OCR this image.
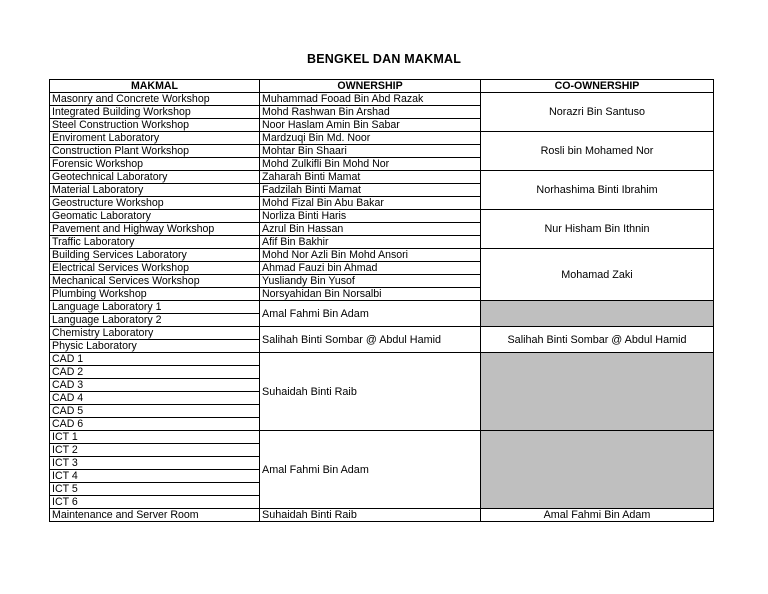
BENGKEL DAN MAKMAL
MAKMAL	OWNERSHIP	CO-OWNERSHIP
Masonry and Concrete Workshop	Muhammad Fooad Bin Abd Razak	Norazri Bin Santuso
Integrated Building Workshop	Mohd Rashwan Bin Arshad	
Steel Construction Workshop	Noor Haslam Amin Bin Sabar	
Enviroment Laboratory	Mardzuqi Bin Md. Noor	Rosli bin Mohamed Nor
Construction Plant Workshop	Mohtar Bin Shaari	
Forensic Workshop	Mohd Zulkifli Bin Mohd Nor	
Geotechnical Laboratory	Zaharah Binti Mamat	Norhashima Binti Ibrahim
Material Laboratory	Fadzilah Binti Mamat	
Geostructure Workshop	Mohd Fizal Bin Abu Bakar	
Geomatic Laboratory	Norliza Binti Haris	Nur Hisham Bin Ithnin
Pavement and Highway Workshop	Azrul Bin Hassan	
Traffic Laboratory	Afif Bin Bakhir	
Building Services Laboratory	Mohd Nor Azli Bin Mohd Ansori	Mohamad Zaki
Electrical Services Workshop	Ahmad Fauzi bin Ahmad	
Mechanical Services Workshop	Yusliandy Bin Yusof	
Plumbing Workshop	Norsyahidan Bin Norsalbi	
Language Laboratory 1	Amal Fahmi Bin Adam	
Language Laboratory 2		
Chemistry Laboratory	Salihah Binti Sombar @ Abdul Hamid	Salihah Binti Sombar @ Abdul Hamid
Physic Laboratory		
CAD 1	Suhaidah Binti Raib	
CAD 2		
CAD 3		
CAD 4		
CAD 5		
CAD 6		
ICT 1	Amal Fahmi Bin Adam	
ICT 2		
ICT 3		
ICT 4		
ICT 5		
ICT 6		
Maintenance and Server Room	Suhaidah Binti Raib	Amal Fahmi Bin Adam
